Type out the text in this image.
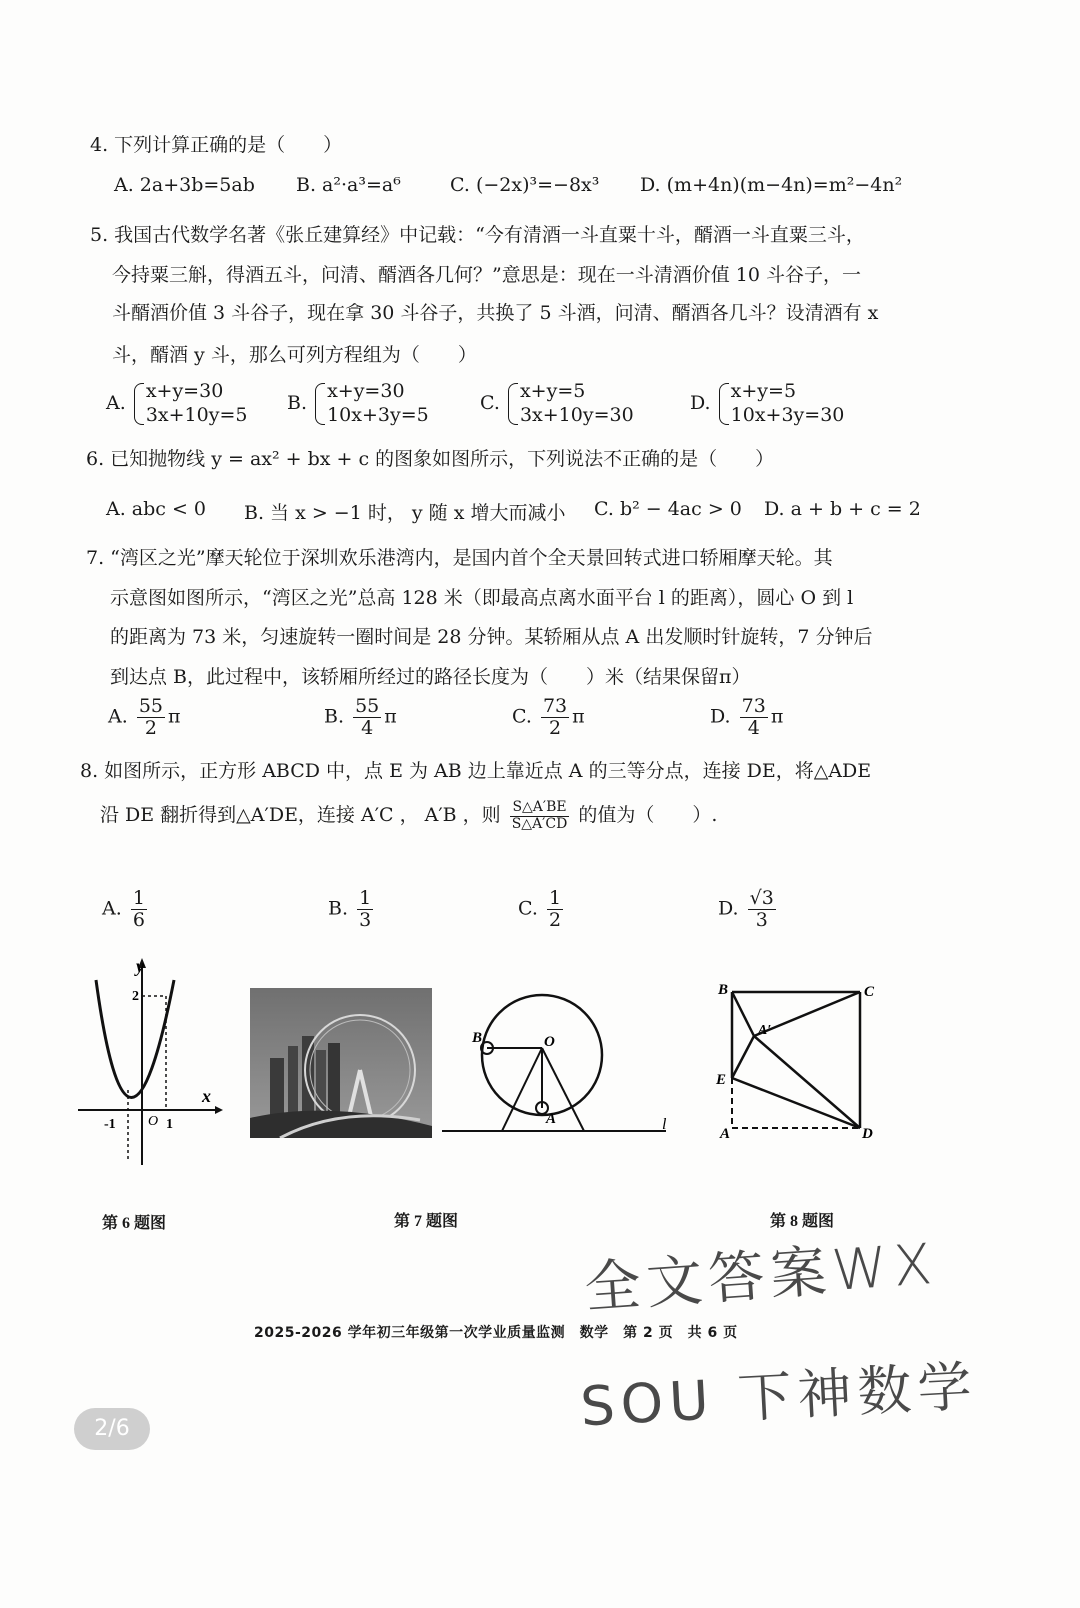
4. 下列计算正确的是（　　）
A. 2a+3b=5ab B. a²·a³=a⁶	C. (−2x)³=−8x³ D. (m+4n)(m−4n)=m²−4n²
5. 我国古代数学名著《张丘建算经》中记载：“今有清酒一斗直粟十斗，醑酒一斗直粟三斗，
今持粟三斛，得酒五斗，问清、醑酒各几何？”意思是：现在一斗清酒价值 10 斗谷子，一
斗醑酒价值 3 斗谷子，现在拿 30 斗谷子，共换了 5 斗酒，问清、醑酒各几斗？设清酒有 x
斗，醑酒 y 斗，那么可列方程组为（　　）
A.
x+y=30
3x+10y=5
B.
x+y=30
10x+3y=5
C.
x+y=5
3x+10y=30
D.
x+y=5
10x+3y=30
6. 已知抛物线 y = ax² + bx + c 的图象如图所示，下列说法不正确的是（　　）
A. abc < 0 B. 当 x > −1 时， y 随 x 增大而减小 C. b² − 4ac > 0 D. a + b + c = 2
7. “湾区之光”摩天轮位于深圳欢乐港湾内，是国内首个全天景回转式进口轿厢摩天轮。其
示意图如图所示，“湾区之光”总高 128 米（即最高点离水面平台 l 的距离），圆心 O 到 l
的距离为 73 米，匀速旋转一圈时间是 28 分钟。某轿厢从点 A 出发顺时针旋转，7 分钟后
到达点 B，此过程中，该轿厢所经过的路径长度为（　　）米（结果保留π）
A. $\frac{55}{2}$ π	B. $\frac{55}{4}$ π	C. $\frac{73}{2}$ π	D. $\frac{73}{4}$ π
8. 如图所示，正方形 ABCD 中，点 E 为 AB 边上靠近点 A 的三等分点，连接 DE，将△ADE
沿 DE 翻折得到△A′DE，连接 A′C ， A′B ，则 $\frac{S\triangle A'BE}{S\triangle A'CD}$ 的值为（　　）.
A. $\frac{1}{6}$	B. $\frac{1}{3}$	C. $\frac{1}{2}$	D. $\frac{√3}{3}$
y
x
O
-1	1
2
B	O
A	l
B	C
A′
E
A	D
第 6 题图	第 7 题图	第 8 题图
全文答案WX
SOU 下神数学
2025-2026 学年初三年级第一次学业质量监测　数学　第 2 页　共 6 页
2/6
